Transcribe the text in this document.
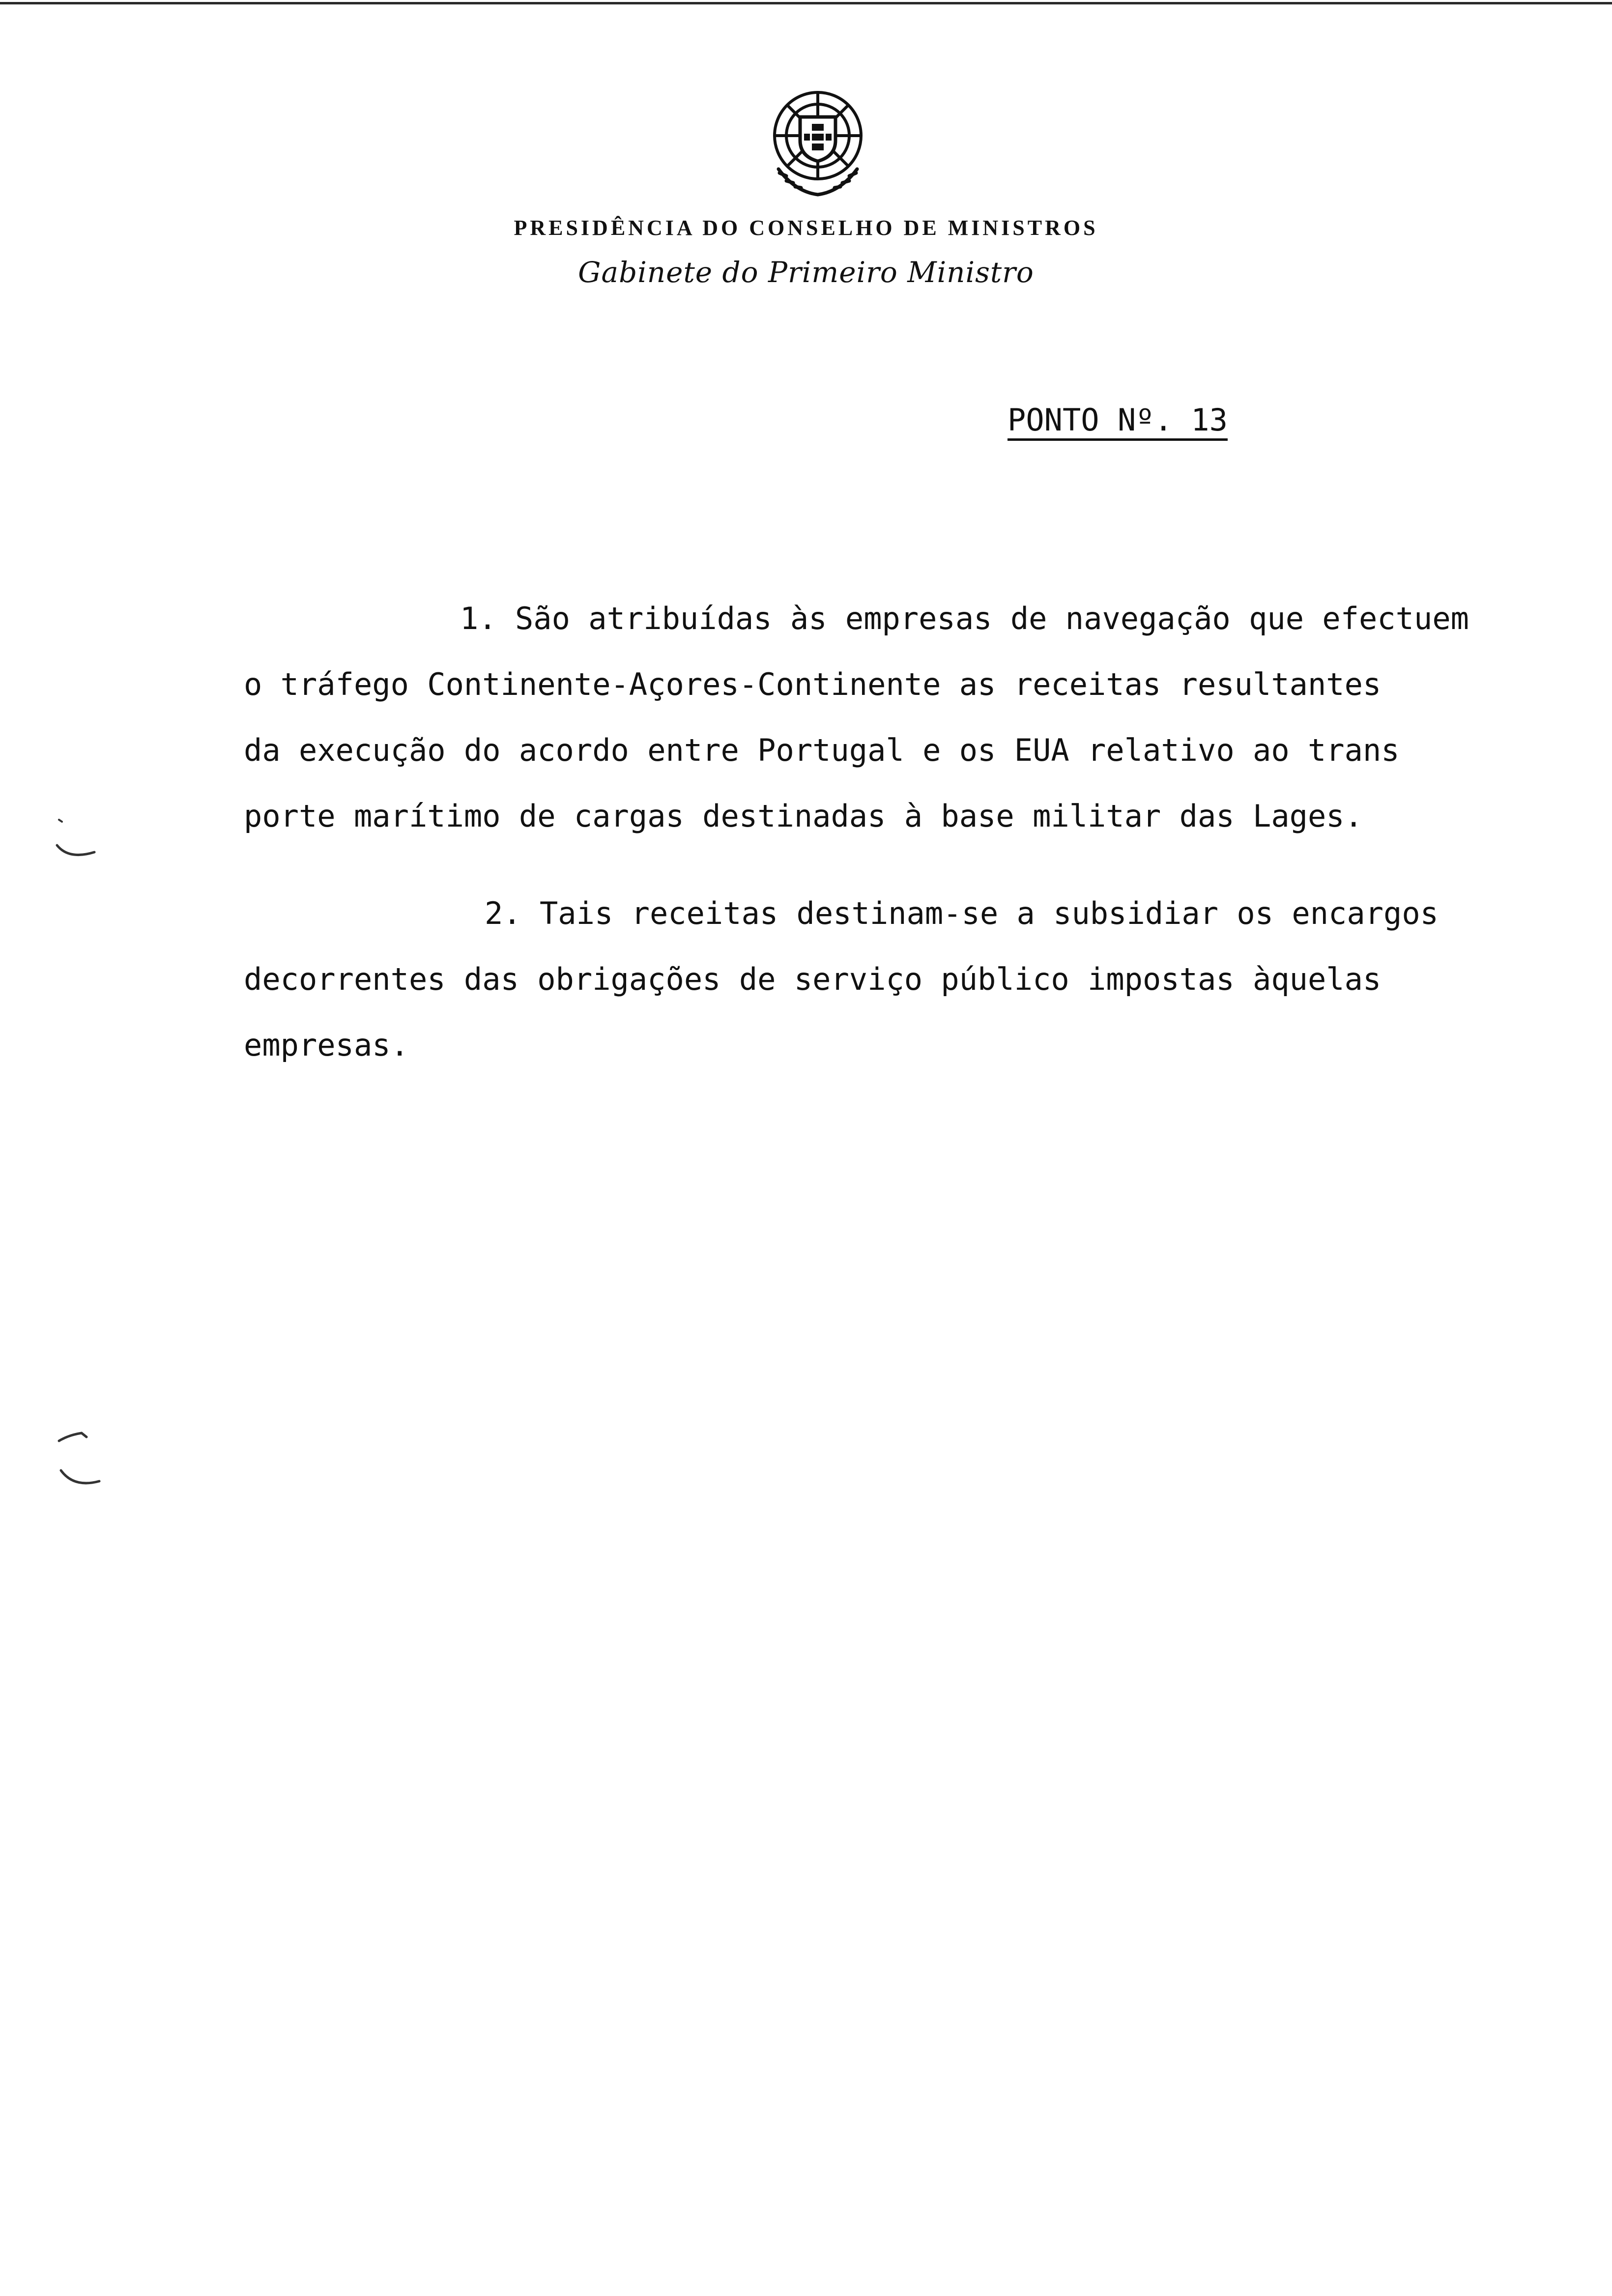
PRESIDÊNCIA DO CONSELHO DE MINISTROS
Gabinete do Primeiro Ministro
PONTO Nº. 13
1. São atribuídas às empresas de navegação que efectuem
o tráfego Continente-Açores-Continente as receitas resultantes
da execução do acordo entre Portugal e os EUA relativo ao trans
porte marítimo de cargas destinadas à base militar das Lages.
2. Tais receitas destinam-se a subsidiar os encargos
decorrentes das obrigações de serviço público impostas àquelas
empresas.
